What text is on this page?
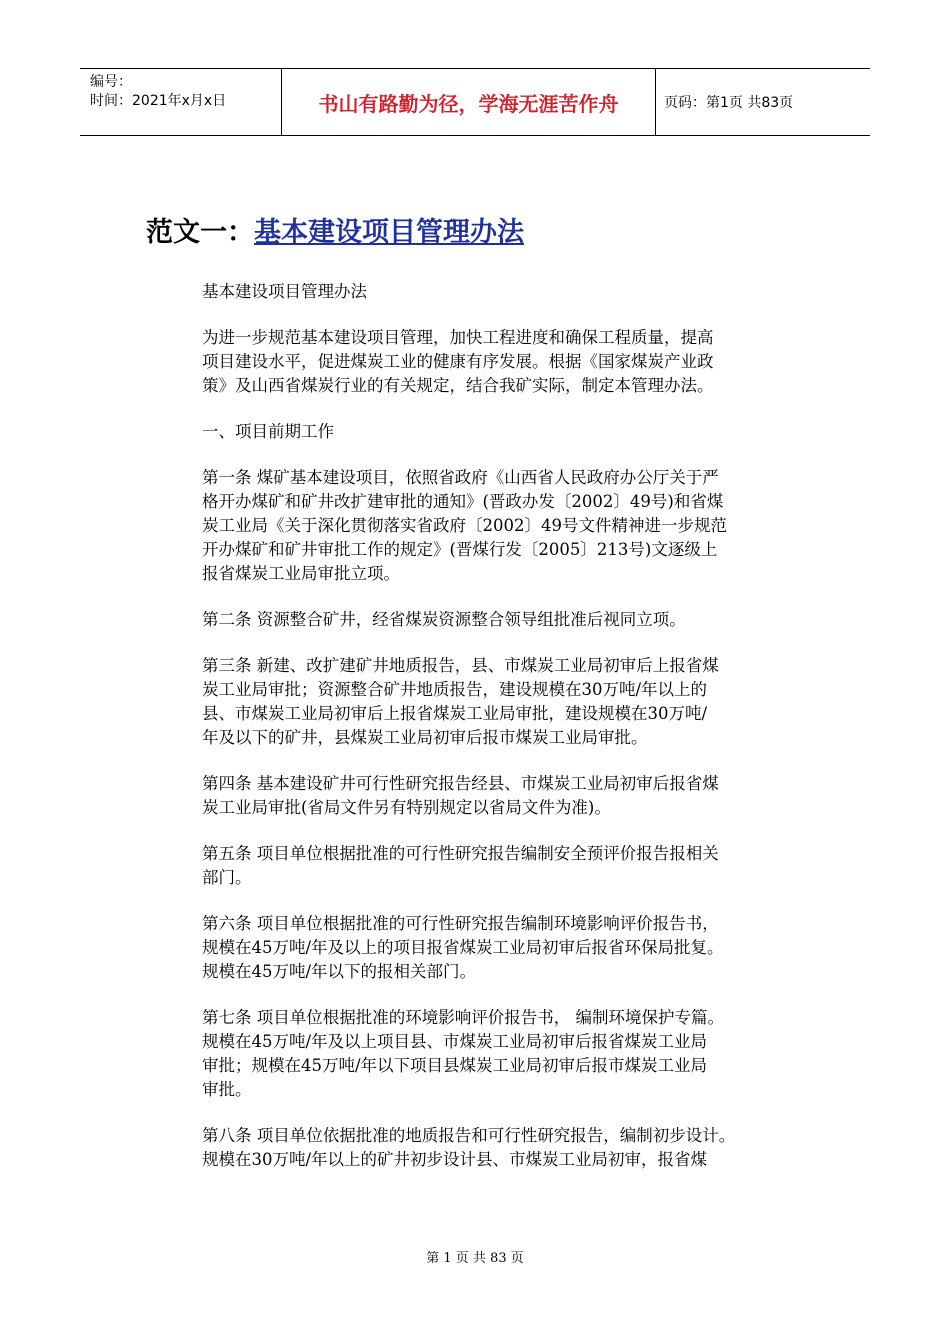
编号：
时间：2021年x月x日	书山有路勤为径，学海无涯苦作舟	页码：第1页 共83页
范文一：基本建设项目管理办法

基本建设项目管理办法

为进一步规范基本建设项目管理，加快工程进度和确保工程质量，提高
项目建设水平，促进煤炭工业的健康有序发展。根据《国家煤炭产业政
策》及山西省煤炭行业的有关规定，结合我矿实际，制定本管理办法。

一、项目前期工作

第一条 煤矿基本建设项目，依照省政府《山西省人民政府办公厅关于严
格开办煤矿和矿井改扩建审批的通知》(晋政办发〔2002〕49号)和省煤
炭工业局《关于深化贯彻落实省政府〔2002〕49号文件精神进一步规范
开办煤矿和矿井审批工作的规定》(晋煤行发〔2005〕213号)文逐级上
报省煤炭工业局审批立项。

第二条 资源整合矿井，经省煤炭资源整合领导组批准后视同立项。

第三条 新建、改扩建矿井地质报告，县、市煤炭工业局初审后上报省煤
炭工业局审批；资源整合矿井地质报告，建设规模在30万吨/年以上的
县、市煤炭工业局初审后上报省煤炭工业局审批，建设规模在30万吨/
年及以下的矿井，县煤炭工业局初审后报市煤炭工业局审批。

第四条 基本建设矿井可行性研究报告经县、市煤炭工业局初审后报省煤
炭工业局审批(省局文件另有特别规定以省局文件为准)。

第五条 项目单位根据批准的可行性研究报告编制安全预评价报告报相关
部门。

第六条 项目单位根据批准的可行性研究报告编制环境影响评价报告书，
规模在45万吨/年及以上的项目报省煤炭工业局初审后报省环保局批复。
规模在45万吨/年以下的报相关部门。

第七条 项目单位根据批准的环境影响评价报告书， 编制环境保护专篇。
规模在45万吨/年及以上项目县、市煤炭工业局初审后报省煤炭工业局
审批；规模在45万吨/年以下项目县煤炭工业局初审后报市煤炭工业局
审批。

第八条 项目单位依据批准的地质报告和可行性研究报告，编制初步设计。
规模在30万吨/年以上的矿井初步设计县、市煤炭工业局初审，报省煤

第 1 页 共 83 页
